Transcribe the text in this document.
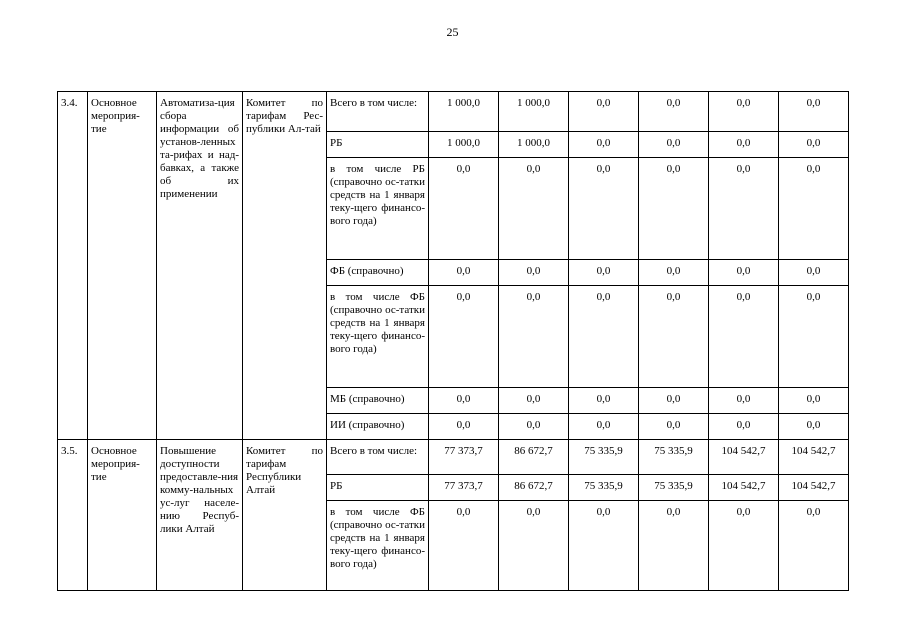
25
3.4.	Основное мероприя-тие	Автоматиза-ция сбора информации об установ-ленных та-рифах и над-бавках, а также об их применении	Комитет по тарифам Рес-публики Ал-тай	Всего в том числе:	1 000,0	1 000,0	0,0	0,0	0,0	0,0
				РБ	1 000,0	1 000,0	0,0	0,0	0,0	0,0
				в том числе РБ (справочно ос-татки средств на 1 января теку-щего финансо-вого года)	0,0	0,0	0,0	0,0	0,0	0,0
				ФБ (справочно)	0,0	0,0	0,0	0,0	0,0	0,0
				в том числе ФБ (справочно ос-татки средств на 1 января теку-щего финансо-вого года)	0,0	0,0	0,0	0,0	0,0	0,0
				МБ (справочно)	0,0	0,0	0,0	0,0	0,0	0,0
				ИИ (справочно)	0,0	0,0	0,0	0,0	0,0	0,0
3.5.	Основное мероприя-тие	Повышение доступности предоставле-ния комму-нальных ус-луг населе-нию Респуб-лики Алтай	Комитет по тарифам Республики Алтай	Всего в том числе:	77 373,7	86 672,7	75 335,9	75 335,9	104 542,7	104 542,7
				РБ	77 373,7	86 672,7	75 335,9	75 335,9	104 542,7	104 542,7
				в том числе ФБ (справочно ос-татки средств на 1 января теку-щего финансо-вого года)	0,0	0,0	0,0	0,0	0,0	0,0
